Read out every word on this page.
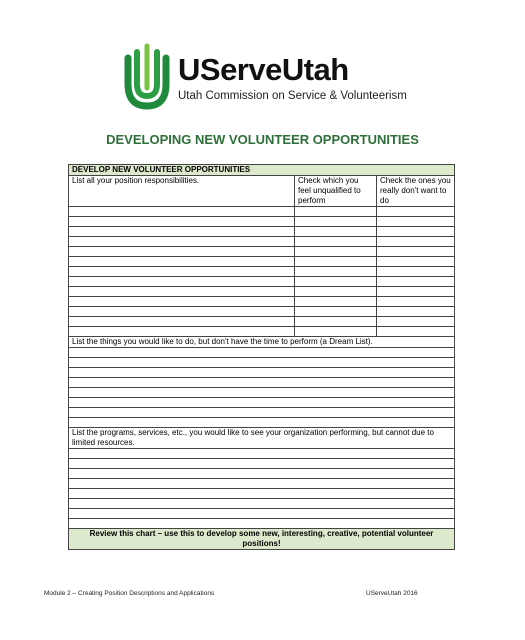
UServeUtah
Utah Commission on Service & Volunteerism
DEVELOPING NEW VOLUNTEER OPPORTUNITIES
DEVELOP NEW VOLUNTEER OPPORTUNITIES		
List all your position responsibilities.	Check which you feel unqualified to perform	Check the ones you really don't want to do

List the things you would like to do, but don't have the time to perform (a Dream List).		

List the programs, services, etc., you would like to see your organization performing, but cannot due to limited resources.		

Review this chart – use this to develop some new, interesting, creative, potential volunteer positions!		
Module 2 – Creating Position Descriptions and Applications	UServeUtah 2016
